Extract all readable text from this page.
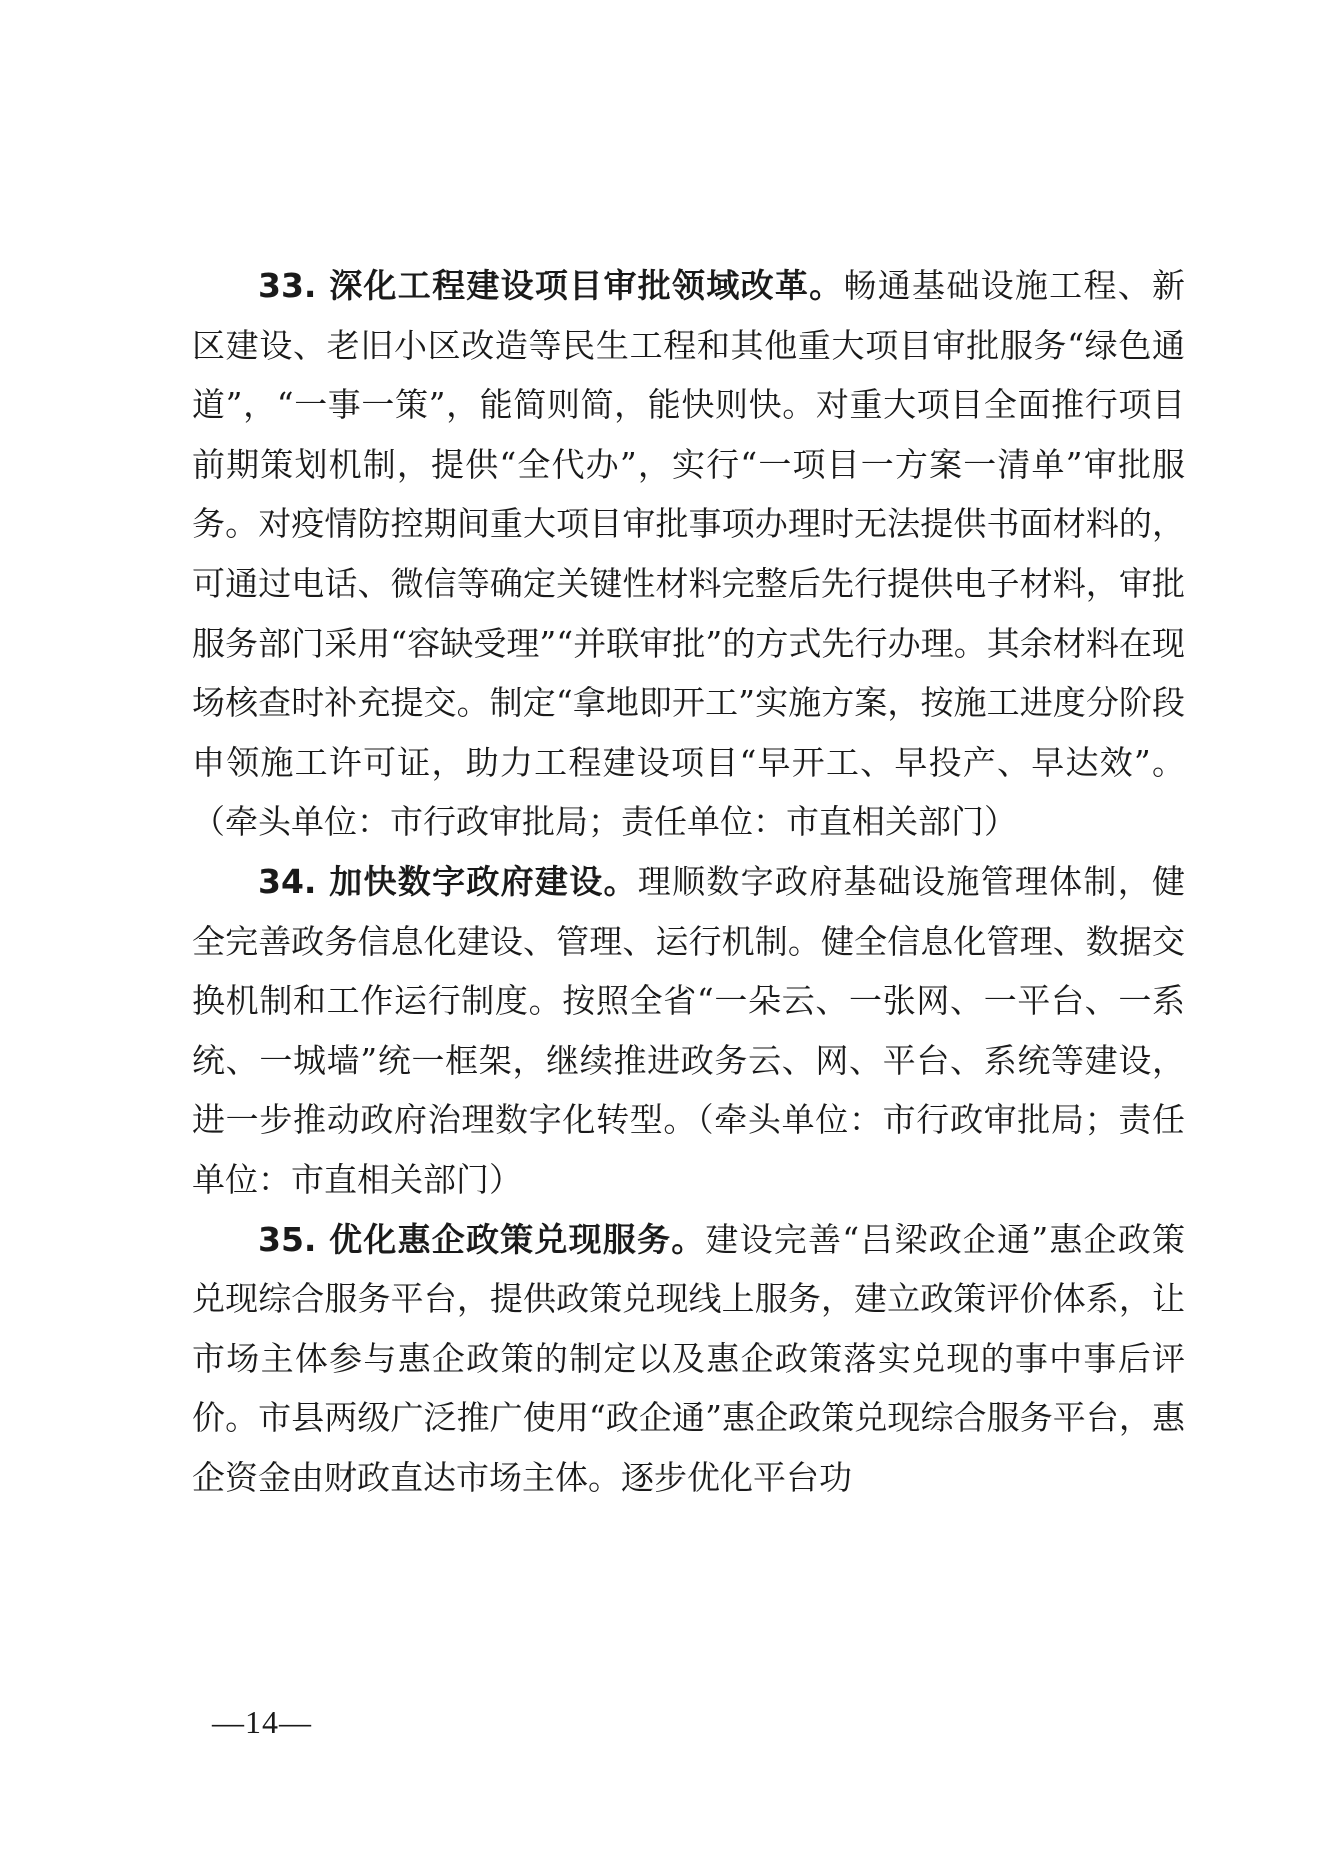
33. 深化工程建设项目审批领域改革。畅通基础设施工程、新区建设、老旧小区改造等民生工程和其他重大项目审批服务“绿色通道”，“一事一策”，能简则简，能快则快。对重大项目全面推行项目前期策划机制，提供“全代办”，实行“一项目一方案一清单”审批服务。对疫情防控期间重大项目审批事项办理时无法提供书面材料的，可通过电话、微信等确定关键性材料完整后先行提供电子材料，审批服务部门采用“容缺受理”“并联审批”的方式先行办理。其余材料在现场核查时补充提交。制定“拿地即开工”实施方案，按施工进度分阶段申领施工许可证，助力工程建设项目“早开工、早投产、早达效”。（牵头单位：市行政审批局；责任单位：市直相关部门）

34. 加快数字政府建设。理顺数字政府基础设施管理体制，健全完善政务信息化建设、管理、运行机制。健全信息化管理、数据交换机制和工作运行制度。按照全省“一朵云、一张网、一平台、一系统、一城墙”统一框架，继续推进政务云、网、平台、系统等建设，进一步推动政府治理数字化转型。（牵头单位：市行政审批局；责任单位：市直相关部门）

35. 优化惠企政策兑现服务。建设完善“吕梁政企通”惠企政策兑现综合服务平台，提供政策兑现线上服务，建立政策评价体系，让市场主体参与惠企政策的制定以及惠企政策落实兑现的事中事后评价。市县两级广泛推广使用“政企通”惠企政策兑现综合服务平台，惠企资金由财政直达市场主体。逐步优化平台功

—14—
